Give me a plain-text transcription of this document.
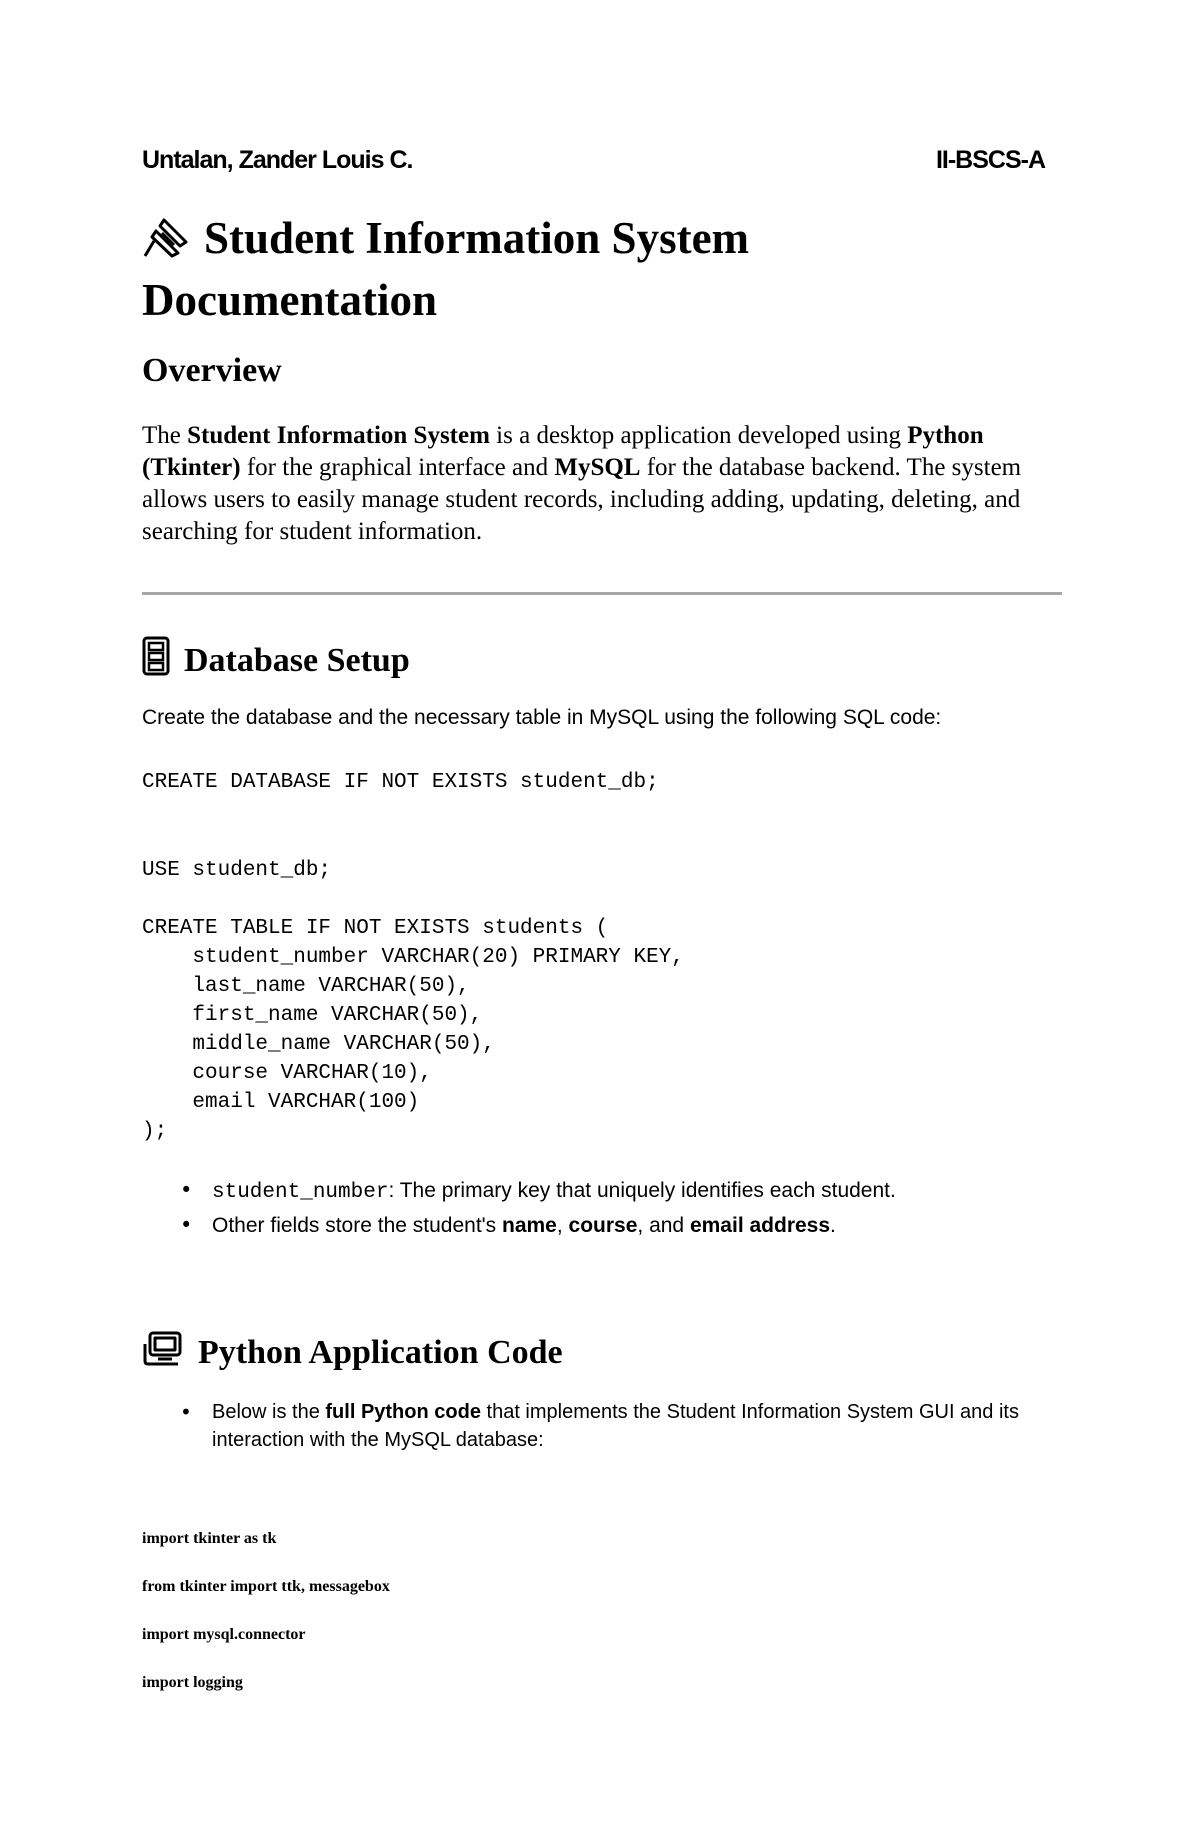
Untalan, Zander Louis C.	II-BSCS-A
Student Information System Documentation
Overview
The Student Information System is a desktop application developed using Python (Tkinter) for the graphical interface and MySQL for the database backend. The system allows users to easily manage student records, including adding, updating, deleting, and searching for student information.
Database Setup
Create the database and the necessary table in MySQL using the following SQL code:
CREATE DATABASE IF NOT EXISTS student_db;
USE student_db;
CREATE TABLE IF NOT EXISTS students (
student_number VARCHAR(20) PRIMARY KEY,
last_name VARCHAR(50),
first_name VARCHAR(50),
middle_name VARCHAR(50),
course VARCHAR(10),
email VARCHAR(100)
);
• student_number: The primary key that uniquely identifies each student.
• Other fields store the student's name, course, and email address.
Python Application Code
• Below is the full Python code that implements the Student Information System GUI and its interaction with the MySQL database:
import tkinter as tk
from tkinter import ttk, messagebox
import mysql.connector
import logging
